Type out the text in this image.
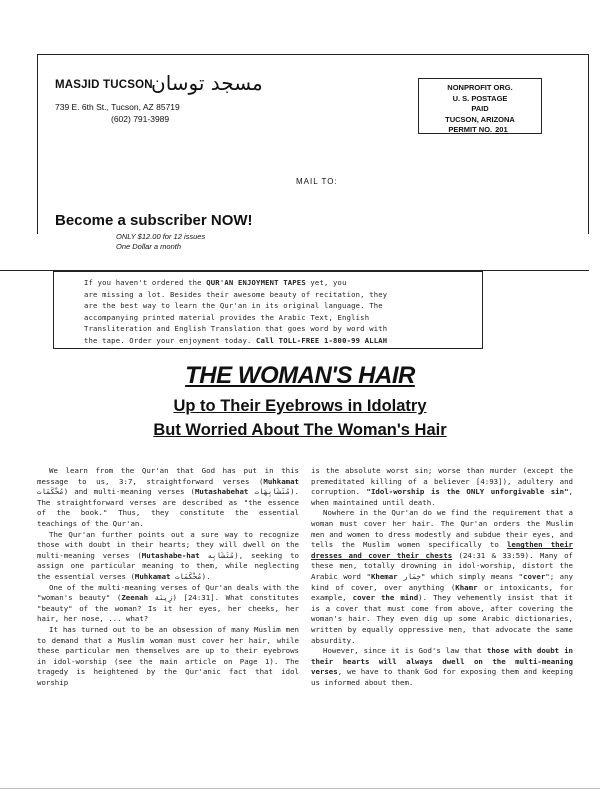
MASJID TUCSON
مسجد توسان
739 E. 6th St., Tucson, AZ 85719
(602) 791-3989
NONPROFIT ORG.
U. S. POSTAGE
PAID
TUCSON, ARIZONA
PERMIT NO. 201
MAIL TO:
Become a subscriber NOW!
ONLY $12.00 for 12 issues
One Dollar a month
If you haven't ordered the QUR'AN ENJOYMENT TAPES yet, you
are missing a lot. Besides their awesome beauty of recitation, they
are the best way to learn the Qur'an in its original language. The
accompanying printed material provides the Arabic Text, English
Transliteration and English Translation that goes word by word with
the tape. Order your enjoyment today. Call TOLL-FREE 1-800-99 ALLAH
THE WOMAN'S HAIR
Up to Their Eyebrows in Idolatry
But Worried About The Woman's Hair

We learn from the Qur'an that God has put in this message to us, 3:7, straightforward verses (Muhkamat مُحْكَمَات) and multi-meaning verses (Mutashabehat مُتَشَابِهَات). The straightforward verses are described as "the essence of the book." Thus, they constitute the essential teachings of the Qur'an.

The Qur'an further points out a sure way to recognize those with doubt in their hearts; they will dwell on the multi-meaning verses (Mutashabe-hat مُتَشَابِه), seeking to assign one particular meaning to them, while neglecting the essential verses (Muhkamat مُحْكَمَات).

One of the multi-meaning verses of Qur'an deals with the "woman's beauty" (Zeenah زِينَة) [24:31]. What constitutes "beauty" of the woman? Is it her eyes, her cheeks, her hair, her nose, ... what?

It has turned out to be an obsession of many Muslim men to demand that a Muslim woman must cover her hair, while these particular men themselves are up to their eyebrows in idol-worship (see the main article on Page 1). The tragedy is heightened by the Qur'anic fact that idol worship

is the absolute worst sin; worse than murder (except the premeditated killing of a believer [4:93]), adultery and corruption. "Idol-worship is the ONLY unforgivable sin", when maintained until death.

Nowhere in the Qur'an do we find the requirement that a woman must cover her hair. The Qur'an orders the Muslim men and women to dress modestly and subdue their eyes, and tells the Muslim women specifically to lengthen their dresses and cover their chests (24:31 & 33:59). Many of these men, totally drowning in idol-worship, distort the Arabic word "Khemar خِمَار" which simply means "cover"; any kind of cover, over anything (Khamr or intoxicants, for example, cover the mind). They vehemently insist that it is a cover that must come from above, after covering the woman's hair. They even dig up some Arabic dictionaries, written by equally oppressive men, that advocate the same absurdity.

However, since it is God's law that those with doubt in their hearts will always dwell on the multi-meaning verses, we have to thank God for exposing them and keeping us informed about them.
